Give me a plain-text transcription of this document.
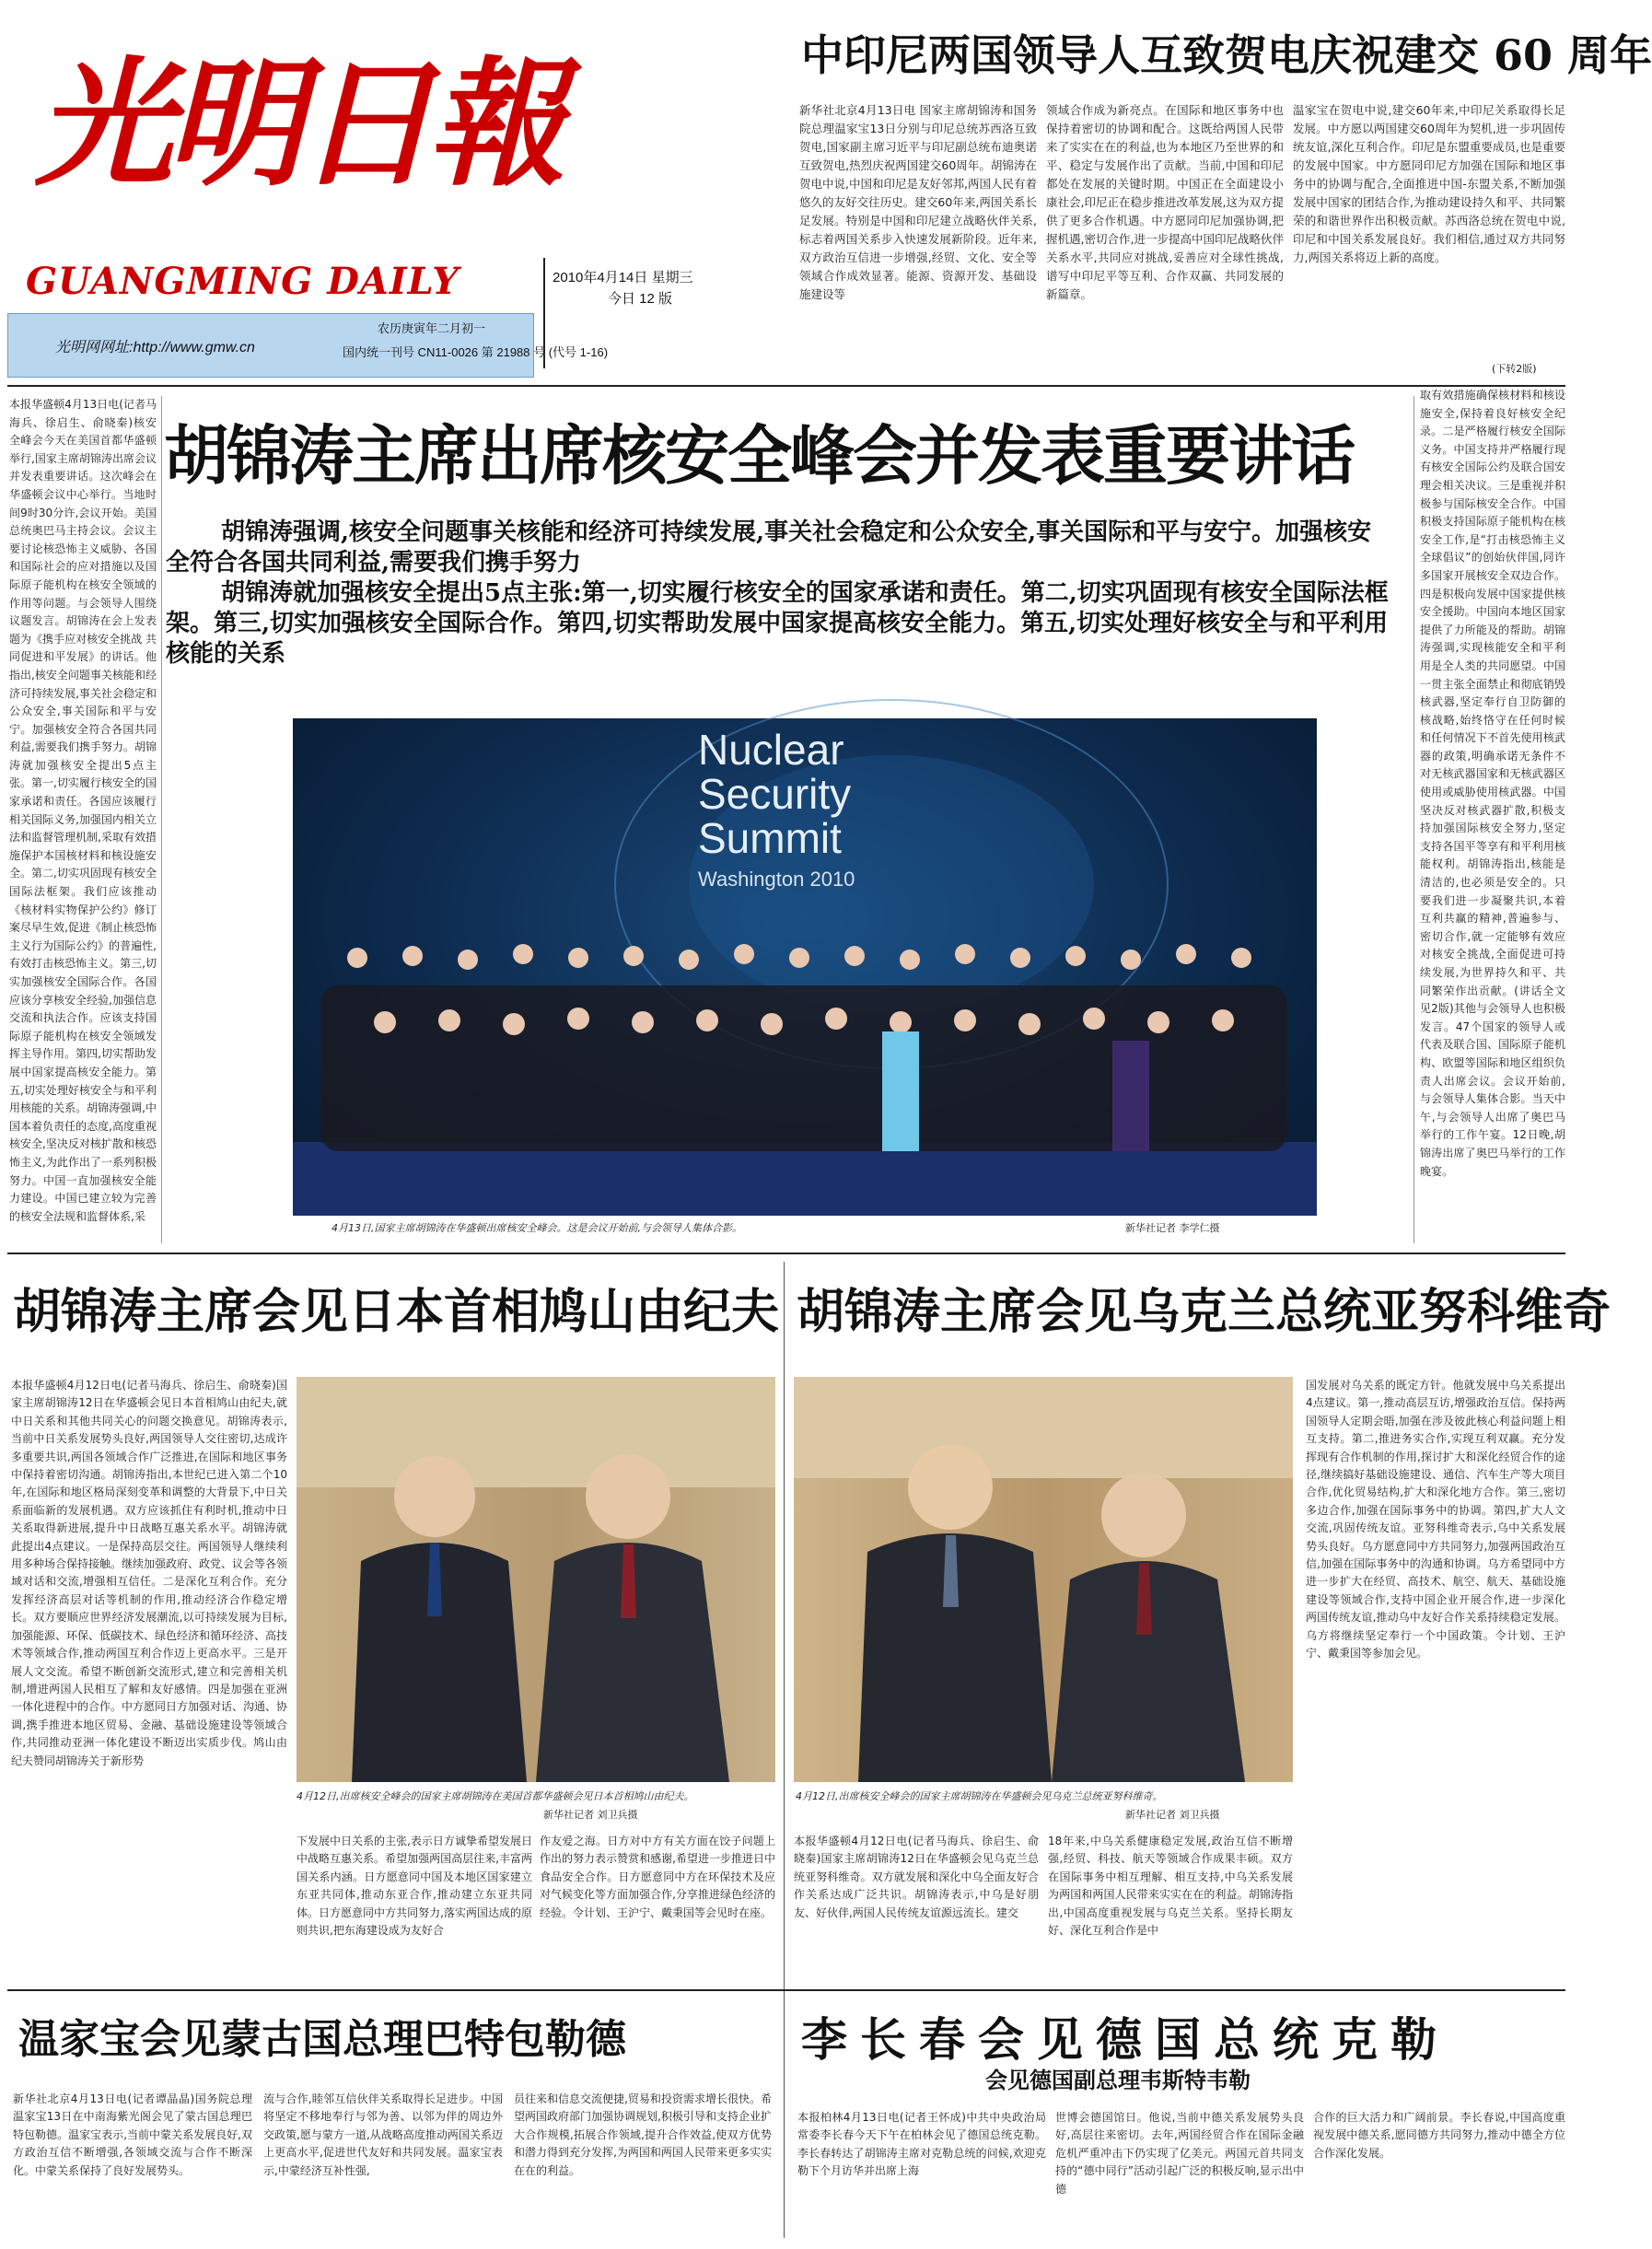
光明日報
GUANGMING DAILY	2010年4月14日 星期三
今日 12 版
光明网网址:http://www.gmw.cn
农历庚寅年二月初一
国内统一刊号 CN11-0026 第 21988 号 (代号 1-16)
中印尼两国领导人互致贺电庆祝建交 60 周年
新华社北京4月13日电 国家主席胡锦涛和国务院总理温家宝13日分别与印尼总统苏西洛互致贺电,国家副主席习近平与印尼副总统布迪奥诺互致贺电,热烈庆祝两国建交60周年。胡锦涛在贺电中说,中国和印尼是友好邻邦,两国人民有着悠久的友好交往历史。建交60年来,两国关系长足发展。特别是中国和印尼建立战略伙伴关系,标志着两国关系步入快速发展新阶段。近年来,双方政治互信进一步增强,经贸、文化、安全等领域合作成效显著。能源、资源开发、基础设施建设等
领域合作成为新亮点。在国际和地区事务中也保持着密切的协调和配合。这既给两国人民带来了实实在在的利益,也为本地区乃至世界的和平、稳定与发展作出了贡献。当前,中国和印尼都处在发展的关键时期。中国正在全面建设小康社会,印尼正在稳步推进改革发展,这为双方提供了更多合作机遇。中方愿同印尼加强协调,把握机遇,密切合作,进一步提高中国印尼战略伙伴关系水平,共同应对挑战,妥善应对全球性挑战,谱写中印尼平等互利、合作双赢、共同发展的新篇章。
温家宝在贺电中说,建交60年来,中印尼关系取得长足发展。中方愿以两国建交60周年为契机,进一步巩固传统友谊,深化互利合作。印尼是东盟重要成员,也是重要的发展中国家。中方愿同印尼方加强在国际和地区事务中的协调与配合,全面推进中国-东盟关系,不断加强发展中国家的团结合作,为推动建设持久和平、共同繁荣的和谐世界作出积极贡献。苏西洛总统在贺电中说,印尼和中国关系发展良好。我们相信,通过双方共同努力,两国关系将迈上新的高度。
(下转2版)
本报华盛顿4月13日电(记者马海兵、徐启生、俞晓秦)核安全峰会今天在美国首都华盛顿举行,国家主席胡锦涛出席会议并发表重要讲话。这次峰会在华盛顿会议中心举行。当地时间9时30分许,会议开始。美国总统奥巴马主持会议。会议主要讨论核恐怖主义威胁、各国和国际社会的应对措施以及国际原子能机构在核安全领域的作用等问题。与会领导人围绕议题发言。胡锦涛在会上发表题为《携手应对核安全挑战 共同促进和平发展》的讲话。他指出,核安全问题事关核能和经济可持续发展,事关社会稳定和公众安全,事关国际和平与安宁。加强核安全符合各国共同利益,需要我们携手努力。胡锦涛就加强核安全提出5点主张。第一,切实履行核安全的国家承诺和责任。各国应该履行相关国际义务,加强国内相关立法和监督管理机制,采取有效措施保护本国核材料和核设施安全。第二,切实巩固现有核安全国际法框架。我们应该推动《核材料实物保护公约》修订案尽早生效,促进《制止核恐怖主义行为国际公约》的普遍性,有效打击核恐怖主义。第三,切实加强核安全国际合作。各国应该分享核安全经验,加强信息交流和执法合作。应该支持国际原子能机构在核安全领域发挥主导作用。第四,切实帮助发展中国家提高核安全能力。第五,切实处理好核安全与和平利用核能的关系。胡锦涛强调,中国本着负责任的态度,高度重视核安全,坚决反对核扩散和核恐怖主义,为此作出了一系列积极努力。中国一直加强核安全能力建设。中国已建立较为完善的核安全法规和监督体系,采
胡锦涛主席出席核安全峰会并发表重要讲话
胡锦涛强调,核安全问题事关核能和经济可持续发展,事关社会稳定和公众安全,事关国际和平与安宁。加强核安全符合各国共同利益,需要我们携手努力
胡锦涛就加强核安全提出5点主张:第一,切实履行核安全的国家承诺和责任。第二,切实巩固现有核安全国际法框架。第三,切实加强核安全国际合作。第四,切实帮助发展中国家提高核安全能力。第五,切实处理好核安全与和平利用核能的关系
取有效措施确保核材料和核设施安全,保持着良好核安全纪录。二是严格履行核安全国际义务。中国支持并严格履行现有核安全国际公约及联合国安理会相关决议。三是重视并积极参与国际核安全合作。中国积极支持国际原子能机构在核安全工作,是“打击核恐怖主义全球倡议”的创始伙伴国,同许多国家开展核安全双边合作。四是积极向发展中国家提供核安全援助。中国向本地区国家提供了力所能及的帮助。胡锦涛强调,实现核能安全和平利用是全人类的共同愿望。中国一贯主张全面禁止和彻底销毁核武器,坚定奉行自卫防御的核战略,始终恪守在任何时候和任何情况下不首先使用核武器的政策,明确承诺无条件不对无核武器国家和无核武器区使用或威胁使用核武器。中国坚决反对核武器扩散,积极支持加强国际核安全努力,坚定支持各国平等享有和平利用核能权利。胡锦涛指出,核能是清洁的,也必须是安全的。只要我们进一步凝聚共识,本着互利共赢的精神,普遍参与、密切合作,就一定能够有效应对核安全挑战,全面促进可持续发展,为世界持久和平、共同繁荣作出贡献。(讲话全文见2版)其他与会领导人也积极发言。47个国家的领导人或代表及联合国、国际原子能机构、欧盟等国际和地区组织负责人出席会议。会议开始前,与会领导人集体合影。当天中午,与会领导人出席了奥巴马举行的工作午宴。12日晚,胡锦涛出席了奥巴马举行的工作晚宴。
Nuclear Security Summit
Washington 2010
4月13日,国家主席胡锦涛在华盛顿出席核安全峰会。这是会议开始前,与会领导人集体合影。	新华社记者 李学仁摄
胡锦涛主席会见日本首相鸠山由纪夫
本报华盛顿4月12日电(记者马海兵、徐启生、俞晓秦)国家主席胡锦涛12日在华盛顿会见日本首相鸠山由纪夫,就中日关系和其他共同关心的问题交换意见。胡锦涛表示,当前中日关系发展势头良好,两国领导人交往密切,达成许多重要共识,两国各领域合作广泛推进,在国际和地区事务中保持着密切沟通。胡锦涛指出,本世纪已进入第二个10年,在国际和地区格局深刻变革和调整的大背景下,中日关系面临新的发展机遇。双方应该抓住有利时机,推动中日关系取得新进展,提升中日战略互惠关系水平。胡锦涛就此提出4点建议。一是保持高层交往。两国领导人继续利用多种场合保持接触。继续加强政府、政党、议会等各领域对话和交流,增强相互信任。二是深化互利合作。充分发挥经济高层对话等机制的作用,推动经济合作稳定增长。双方要顺应世界经济发展潮流,以可持续发展为目标,加强能源、环保、低碳技术、绿色经济和循环经济、高技术等领域合作,推动两国互利合作迈上更高水平。三是开展人文交流。希望不断创新交流形式,建立和完善相关机制,增进两国人民相互了解和友好感情。四是加强在亚洲一体化进程中的合作。中方愿同日方加强对话、沟通、协调,携手推进本地区贸易、金融、基础设施建设等领域合作,共同推动亚洲一体化建设不断迈出实质步伐。鸠山由纪夫赞同胡锦涛关于新形势
4月12日,出席核安全峰会的国家主席胡锦涛在美国首都华盛顿会见日本首相鸠山由纪夫。
新华社记者 刘卫兵摄
下发展中日关系的主张,表示日方诚挚希望发展日中战略互惠关系。希望加强两国高层往来,丰富两国关系内涵。日方愿意同中国及本地区国家建立东亚共同体,推动东亚合作,推动建立东亚共同体。日方愿意同中方共同努力,落实两国达成的原则共识,把东海建设成为友好合
作友爱之海。日方对中方有关方面在饺子问题上作出的努力表示赞赏和感谢,希望进一步推进日中食品安全合作。日方愿意同中方在环保技术及应对气候变化等方面加强合作,分享推进绿色经济的经验。令计划、王沪宁、戴秉国等会见时在座。
胡锦涛主席会见乌克兰总统亚努科维奇
4月12日,出席核安全峰会的国家主席胡锦涛在华盛顿会见乌克兰总统亚努科维奇。
新华社记者 刘卫兵摄
本报华盛顿4月12日电(记者马海兵、徐启生、俞晓秦)国家主席胡锦涛12日在华盛顿会见乌克兰总统亚努科维奇。双方就发展和深化中乌全面友好合作关系达成广泛共识。胡锦涛表示,中乌是好朋友、好伙伴,两国人民传统友谊源远流长。建交
18年来,中乌关系健康稳定发展,政治互信不断增强,经贸、科技、航天等领域合作成果丰硕。双方在国际事务中相互理解、相互支持,中乌关系发展为两国和两国人民带来实实在在的利益。胡锦涛指出,中国高度重视发展与乌克兰关系。坚持长期友好、深化互利合作是中
国发展对乌关系的既定方针。他就发展中乌关系提出4点建议。第一,推动高层互访,增强政治互信。保持两国领导人定期会晤,加强在涉及彼此核心利益问题上相互支持。第二,推进务实合作,实现互利双赢。充分发挥现有合作机制的作用,探讨扩大和深化经贸合作的途径,继续搞好基础设施建设、通信、汽车生产等大项目合作,优化贸易结构,扩大和深化地方合作。第三,密切多边合作,加强在国际事务中的协调。第四,扩大人文交流,巩固传统友谊。亚努科维奇表示,乌中关系发展势头良好。乌方愿意同中方共同努力,加强两国政治互信,加强在国际事务中的沟通和协调。乌方希望同中方进一步扩大在经贸、高技术、航空、航天、基础设施建设等领域合作,支持中国企业开展合作,进一步深化两国传统友谊,推动乌中友好合作关系持续稳定发展。乌方将继续坚定奉行一个中国政策。令计划、王沪宁、戴秉国等参加会见。
温家宝会见蒙古国总理巴特包勒德
新华社北京4月13日电(记者谭晶晶)国务院总理温家宝13日在中南海紫光阁会见了蒙古国总理巴特包勒德。温家宝表示,当前中蒙关系发展良好,双方政治互信不断增强,各领域交流与合作不断深化。中蒙关系保持了良好发展势头。
流与合作,睦邻互信伙伴关系取得长足进步。中国将坚定不移地奉行与邻为善、以邻为伴的周边外交政策,愿与蒙方一道,从战略高度推动两国关系迈上更高水平,促进世代友好和共同发展。温家宝表示,中蒙经济互补性强,
员往来和信息交流便捷,贸易和投资需求增长很快。希望两国政府部门加强协调规划,积极引导和支持企业扩大合作规模,拓展合作领域,提升合作效益,使双方优势和潜力得到充分发挥,为两国和两国人民带来更多实实在在的利益。
李长春会见德国总统克勒
会见德国副总理韦斯特韦勒
本报柏林4月13日电(记者王怀成)中共中央政治局常委李长春今天下午在柏林会见了德国总统克勒。李长春转达了胡锦涛主席对克勒总统的问候,欢迎克勒下个月访华并出席上海
世博会德国馆日。他说,当前中德关系发展势头良好,高层往来密切。去年,两国经贸合作在国际金融危机严重冲击下仍实现了亿美元。两国元首共同支持的“德中同行”活动引起广泛的积极反响,显示出中德
合作的巨大活力和广阔前景。李长春说,中国高度重视发展中德关系,愿同德方共同努力,推动中德全方位合作深化发展。
